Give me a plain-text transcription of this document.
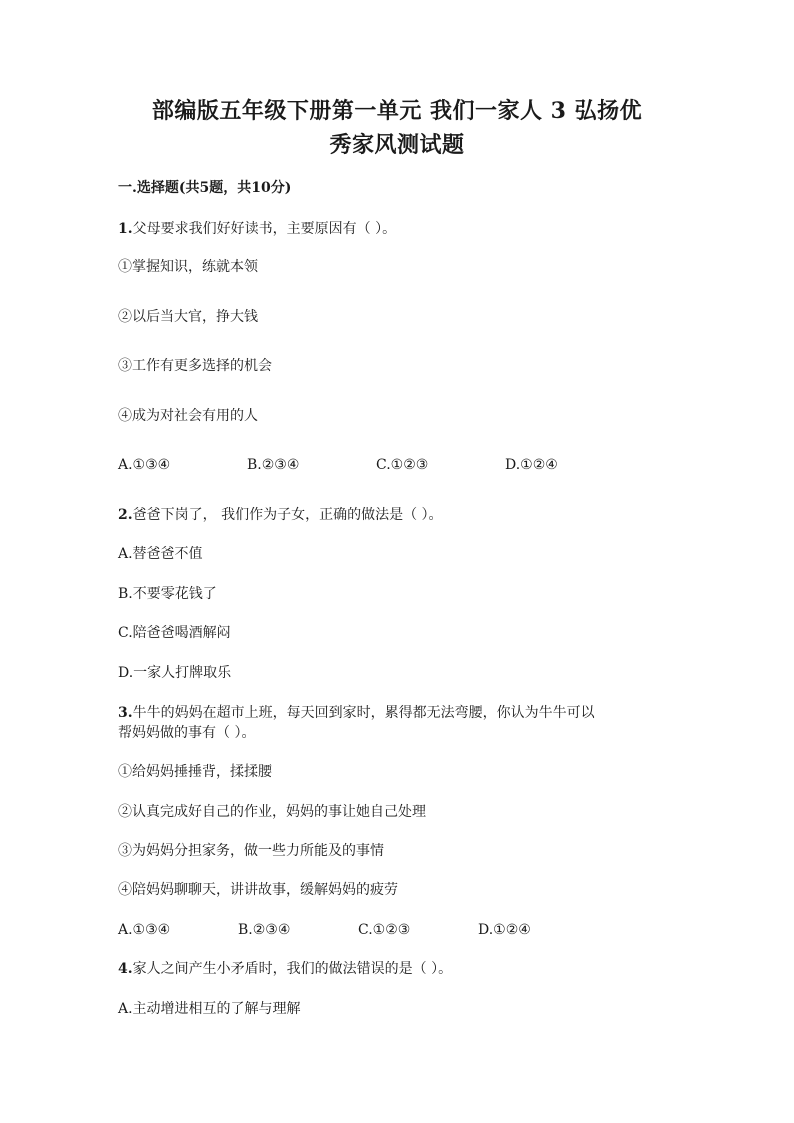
部编版五年级下册第一单元 我们一家人 3 弘扬优
秀家风测试题
一.选择题(共5题，共10分)
1.父母要求我们好好读书，主要原因有（ ）。
①掌握知识，练就本领
②以后当大官，挣大钱
③工作有更多选择的机会
④成为对社会有用的人
A.①③④	B.②③④	C.①②③	D.①②④
2.爸爸下岗了， 我们作为子女，正确的做法是（ ）。
A.替爸爸不值
B.不要零花钱了
C.陪爸爸喝酒解闷
D.一家人打牌取乐
3.牛牛的妈妈在超市上班，每天回到家时，累得都无法弯腰，你认为牛牛可以
帮妈妈做的事有（ ）。
①给妈妈捶捶背，揉揉腰
②认真完成好自己的作业，妈妈的事让她自己处理
③为妈妈分担家务，做一些力所能及的事情
④陪妈妈聊聊天，讲讲故事，缓解妈妈的疲劳
A.①③④	B.②③④	C.①②③	D.①②④
4.家人之间产生小矛盾时，我们的做法错误的是（ ）。
A.主动增进相互的了解与理解
